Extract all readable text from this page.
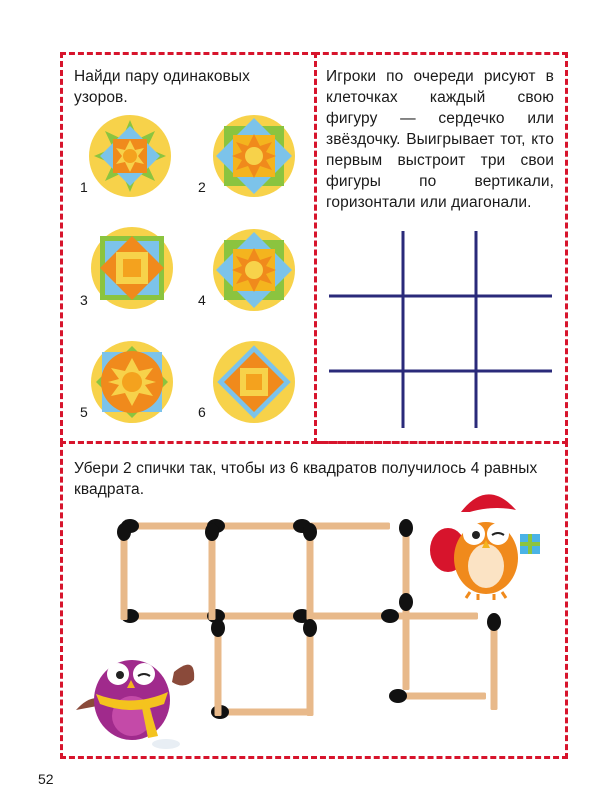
Найди пару одинаковых узоров.
Игроки по очереди рисуют в клеточках каждый свою фигуру — сердечко или звёздочку. Выигрывает тот, кто первым выстроит три свои фигуры по вертикали, горизонтали или диагонали.
Убери 2 спички так, чтобы из 6 квадратов получилось 4 равных квадрата.
1	2
3	4
5	6
52
